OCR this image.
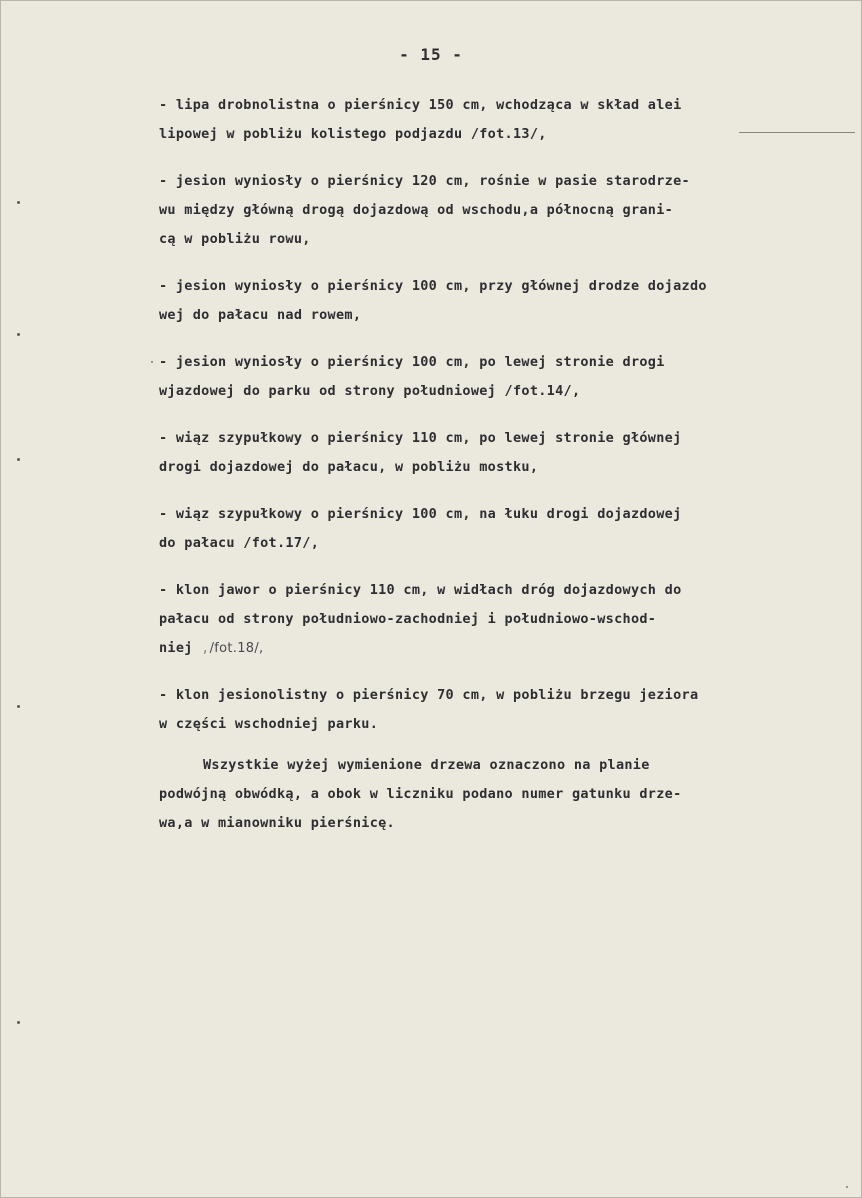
- 15 -
- lipa drobnolistna o pierśnicy 150 cm, wchodząca w skład alei
lipowej w pobliżu kolistego podjazdu /fot.13/,
- jesion wyniosły o pierśnicy 120 cm, rośnie w pasie starodrze-
wu między główną drogą dojazdową od wschodu,a północną grani-
cą w pobliżu rowu,
- jesion wyniosły o pierśnicy 100 cm, przy głównej drodze dojazdo
wej do pałacu nad rowem,
- jesion wyniosły o pierśnicy 100 cm, po lewej stronie drogi
wjazdowej do parku od strony południowej /fot.14/,
- wiąz szypułkowy o pierśnicy 110 cm, po lewej stronie głównej
drogi dojazdowej do pałacu, w pobliżu mostku,
- wiąz szypułkowy o pierśnicy 100 cm, na łuku drogi dojazdowej
do pałacu /fot.17/,
- klon jawor o pierśnicy 110 cm, w widłach dróg dojazdowych do
pałacu od strony południowo-zachodniej i południowo-wschod-
niej ,/fot.18/,
- klon jesionolistny o pierśnicy 70 cm, w pobliżu brzegu jeziora
w części wschodniej parku.
Wszystkie wyżej wymienione drzewa oznaczono na planie
podwójną obwódką, a obok w liczniku podano numer gatunku drze-
wa,a w mianowniku pierśnicę.
